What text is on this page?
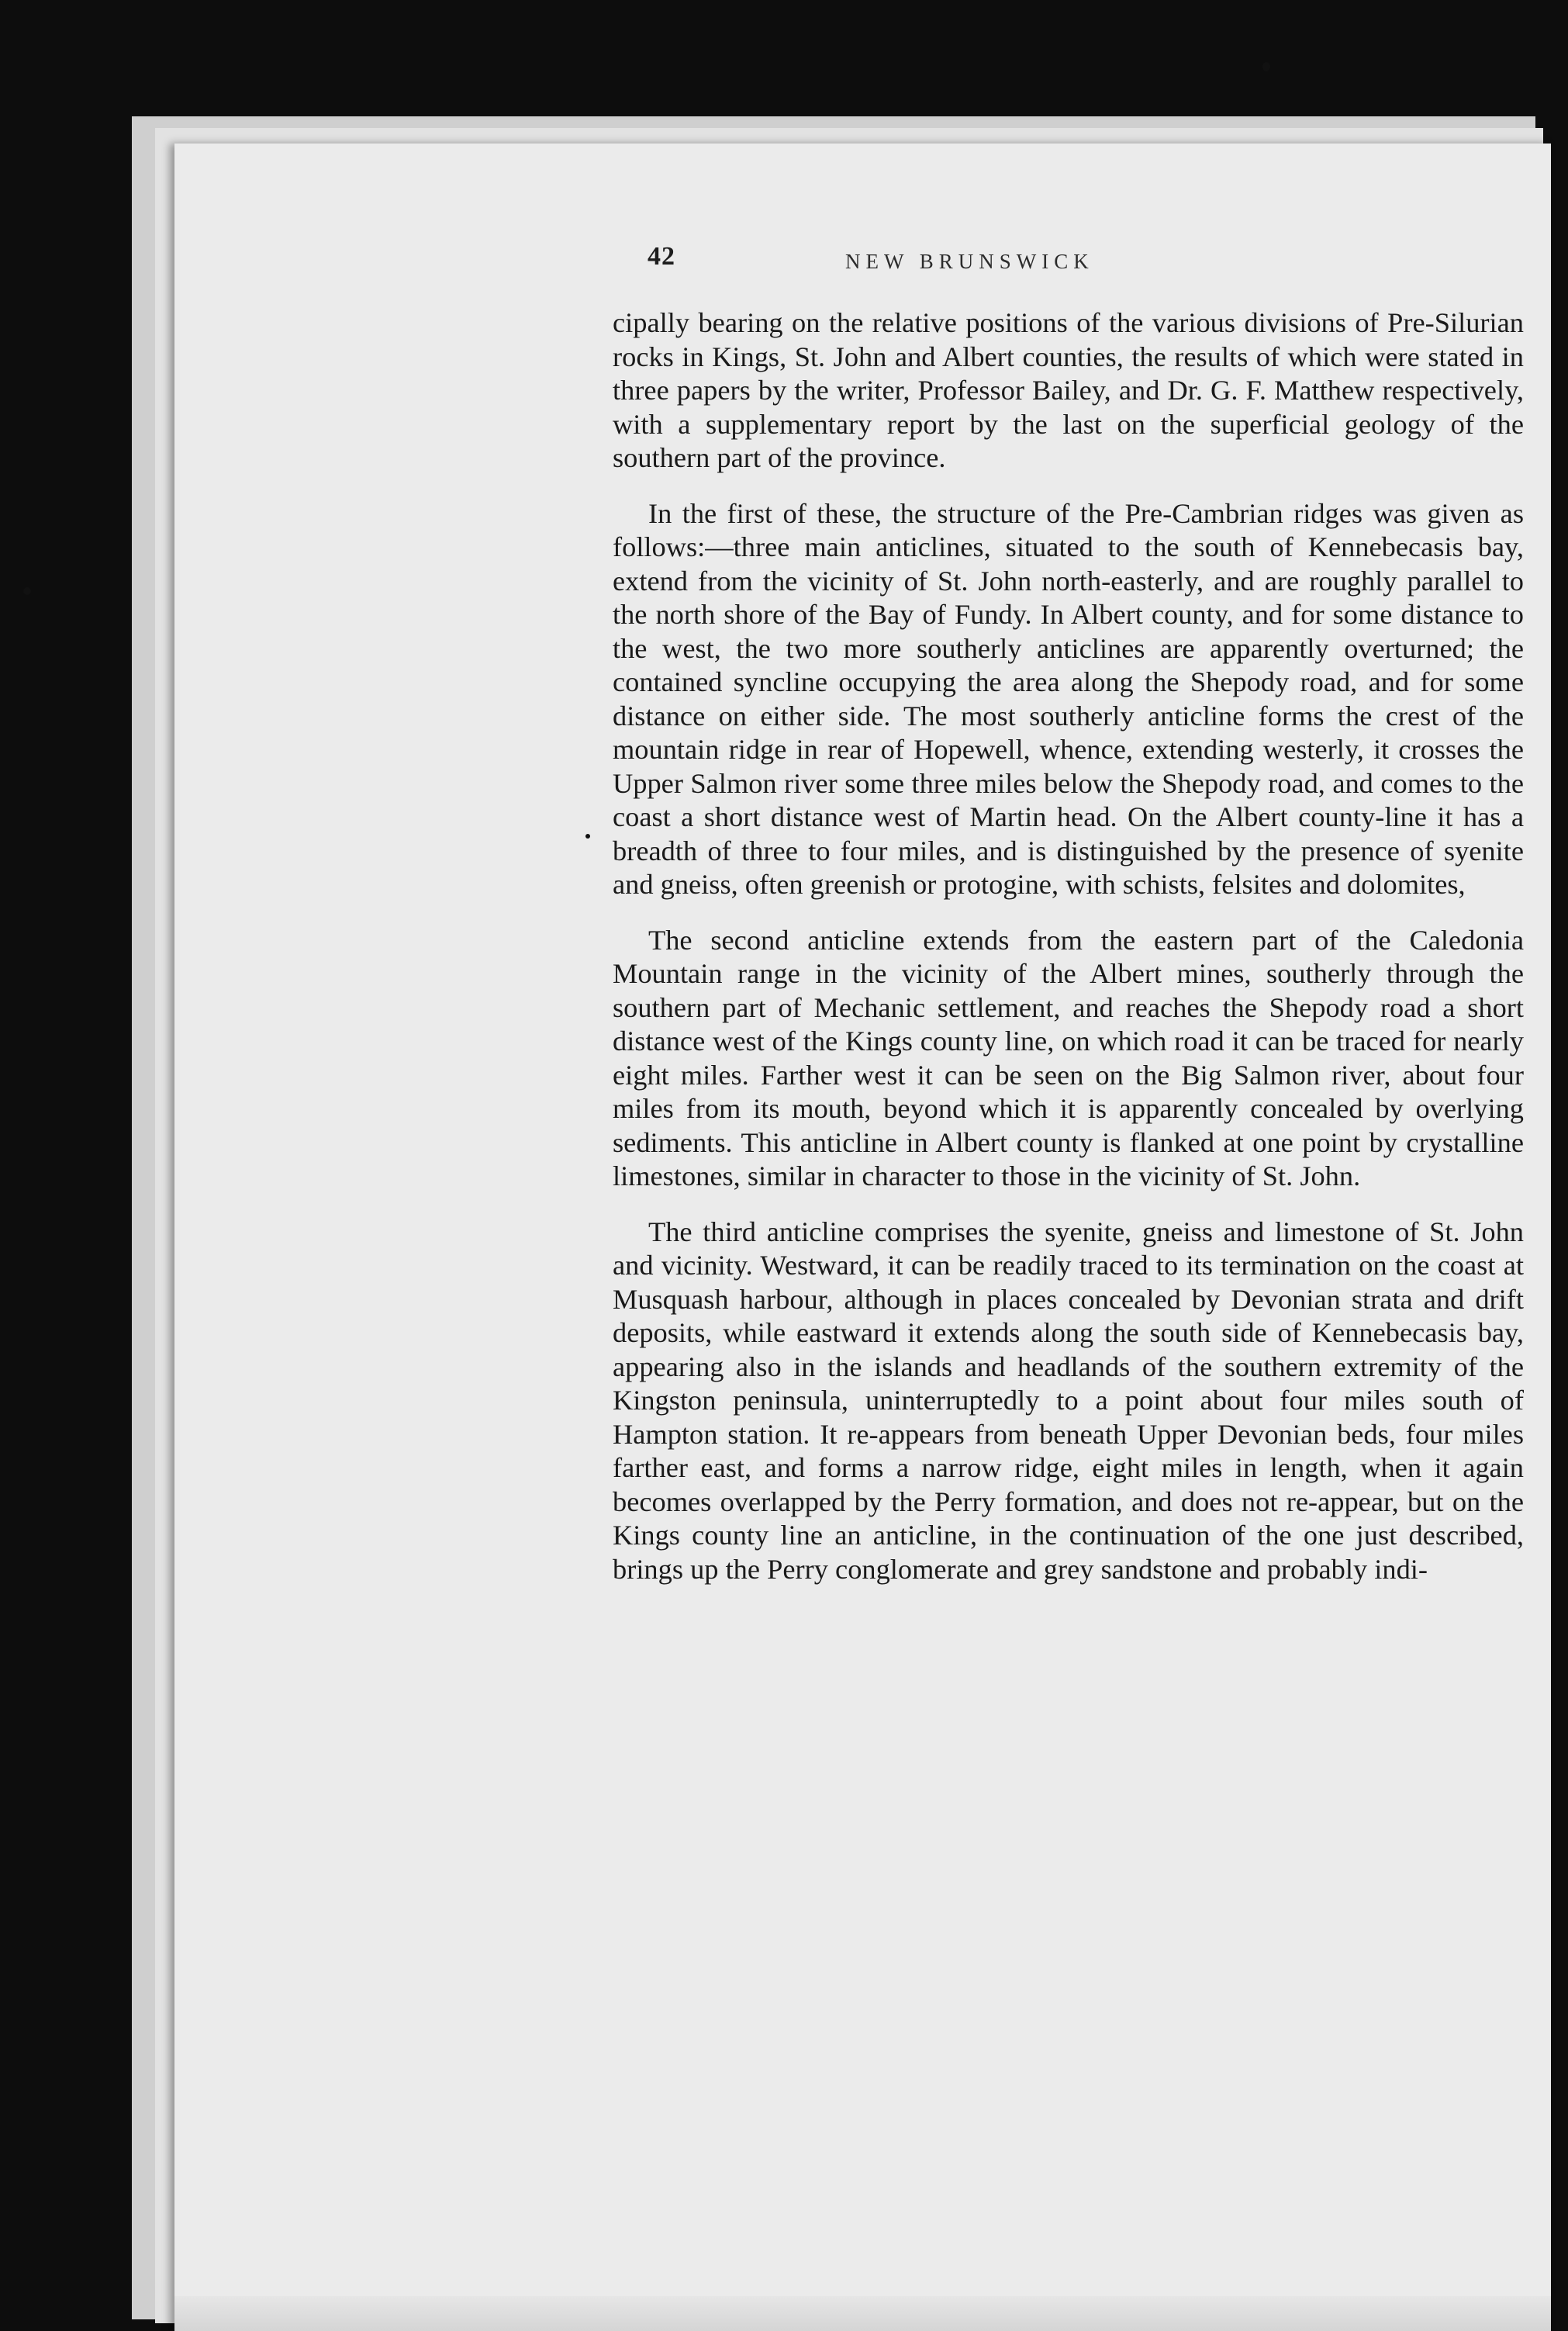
42	NEW BRUNSWICK

cipally bearing on the relative positions of the various divisions of Pre-Silurian rocks in Kings, St. John and Albert counties, the results of which were stated in three papers by the writer, Professor Bailey, and Dr. G. F. Matthew respectively, with a supplementary report by the last on the superficial geology of the southern part of the province.

In the first of these, the structure of the Pre-Cambrian ridges was given as follows:—three main anticlines, situated to the south of Kennebecasis bay, extend from the vicinity of St. John north-easterly, and are roughly parallel to the north shore of the Bay of Fundy. In Albert county, and for some distance to the west, the two more southerly anticlines are apparently overturned; the contained syncline occupying the area along the Shepody road, and for some distance on either side. The most southerly anticline forms the crest of the mountain ridge in rear of Hopewell, whence, extending westerly, it crosses the Upper Salmon river some three miles below the Shepody road, and comes to the coast a short distance west of Martin head. On the Albert county-line it has a breadth of three to four miles, and is distinguished by the presence of syenite and gneiss, often greenish or protogine, with schists, felsites and dolomites,

The second anticline extends from the eastern part of the Caledonia Mountain range in the vicinity of the Albert mines, southerly through the southern part of Mechanic settlement, and reaches the Shepody road a short distance west of the Kings county line, on which road it can be traced for nearly eight miles. Farther west it can be seen on the Big Salmon river, about four miles from its mouth, beyond which it is apparently concealed by overlying sediments. This anticline in Albert county is flanked at one point by crystalline limestones, similar in character to those in the vicinity of St. John.

The third anticline comprises the syenite, gneiss and limestone of St. John and vicinity. Westward, it can be readily traced to its termination on the coast at Musquash harbour, although in places concealed by Devonian strata and drift deposits, while eastward it extends along the south side of Kennebecasis bay, appearing also in the islands and headlands of the southern extremity of the Kingston peninsula, uninterruptedly to a point about four miles south of Hampton station. It re-appears from beneath Upper Devonian beds, four miles farther east, and forms a narrow ridge, eight miles in length, when it again becomes overlapped by the Perry formation, and does not re-appear, but on the Kings county line an anticline, in the continuation of the one just described, brings up the Perry conglomerate and grey sandstone and probably indi-
